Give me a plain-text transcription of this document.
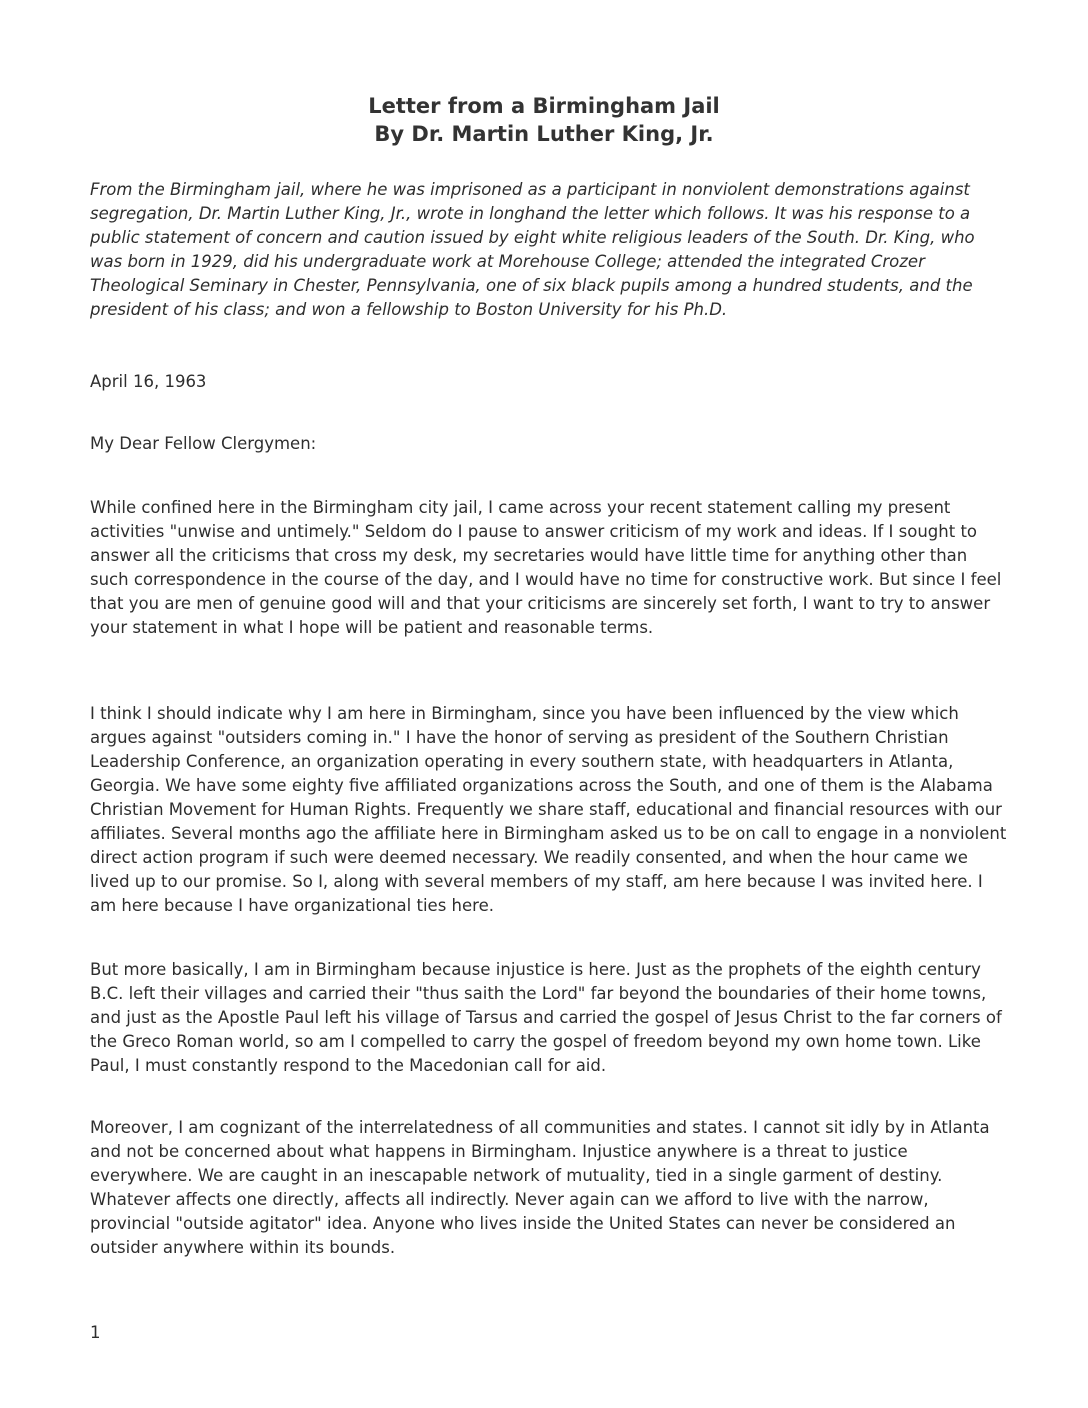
Letter from a Birmingham Jail
By Dr. Martin Luther King, Jr.

From the Birmingham jail, where he was imprisoned as a participant in nonviolent demonstrations against segregation, Dr. Martin Luther King, Jr., wrote in longhand the letter which follows. It was his response to a public statement of concern and caution issued by eight white religious leaders of the South. Dr. King, who was born in 1929, did his undergraduate work at Morehouse College; attended the integrated Crozer Theological Seminary in Chester, Pennsylvania, one of six black pupils among a hundred students, and the president of his class; and won a fellowship to Boston University for his Ph.D.

April 16, 1963

My Dear Fellow Clergymen:

While confined here in the Birmingham city jail, I came across your recent statement calling my present activities "unwise and untimely." Seldom do I pause to answer criticism of my work and ideas. If I sought to answer all the criticisms that cross my desk, my secretaries would have little time for anything other than such correspondence in the course of the day, and I would have no time for constructive work. But since I feel that you are men of genuine good will and that your criticisms are sincerely set forth, I want to try to answer your statement in what I hope will be patient and reasonable terms.

I think I should indicate why I am here in Birmingham, since you have been influenced by the view which argues against "outsiders coming in." I have the honor of serving as president of the Southern Christian Leadership Conference, an organization operating in every southern state, with headquarters in Atlanta, Georgia. We have some eighty five affiliated organizations across the South, and one of them is the Alabama Christian Movement for Human Rights. Frequently we share staff, educational and financial resources with our affiliates. Several months ago the affiliate here in Birmingham asked us to be on call to engage in a nonviolent direct action program if such were deemed necessary. We readily consented, and when the hour came we lived up to our promise. So I, along with several members of my staff, am here because I was invited here. I am here because I have organizational ties here.

But more basically, I am in Birmingham because injustice is here. Just as the prophets of the eighth century B.C. left their villages and carried their "thus saith the Lord" far beyond the boundaries of their home towns, and just as the Apostle Paul left his village of Tarsus and carried the gospel of Jesus Christ to the far corners of the Greco Roman world, so am I compelled to carry the gospel of freedom beyond my own home town. Like Paul, I must constantly respond to the Macedonian call for aid.

Moreover, I am cognizant of the interrelatedness of all communities and states. I cannot sit idly by in Atlanta and not be concerned about what happens in Birmingham. Injustice anywhere is a threat to justice everywhere. We are caught in an inescapable network of mutuality, tied in a single garment of destiny. Whatever affects one directly, affects all indirectly. Never again can we afford to live with the narrow, provincial "outside agitator" idea. Anyone who lives inside the United States can never be considered an outsider anywhere within its bounds.

1
